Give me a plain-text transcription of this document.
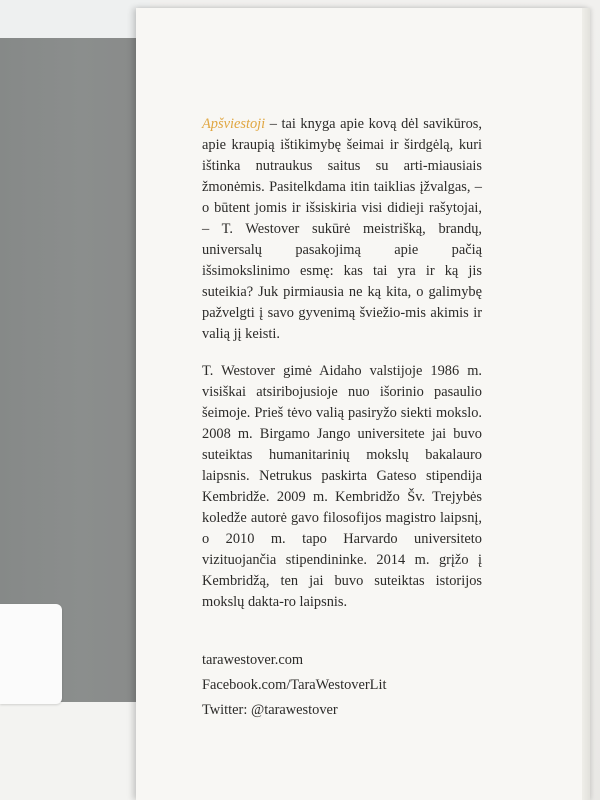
Apšviestoji – tai knyga apie kovą dėl savikūros, apie kraupią ištikimybę šeimai ir širdgėlą, kuri ištinka nutraukus saitus su arti-miausiais žmonėmis. Pasitelkdama itin taiklias įžvalgas, – o būtent jomis ir išsiskiria visi didieji rašytojai, – T. Westover sukūrė meistrišką, brandų, universalų pasakojimą apie pačią išsimokslinimo esmę: kas tai yra ir ką jis suteikia? Juk pirmiausia ne ką kita, o galimybę pažvelgti į savo gyvenimą šviežio-mis akimis ir valią jį keisti.

T. Westover gimė Aidaho valstijoje 1986 m. visiškai atsiribojusioje nuo išorinio pasaulio šeimoje. Prieš tėvo valią pasiryžo siekti mokslo. 2008 m. Birgamo Jango universitete jai buvo suteiktas humanitarinių mokslų bakalauro laipsnis. Netrukus paskirta Gateso stipendija Kembridže. 2009 m. Kembridžo Šv. Trejybės koledže autorė gavo filosofijos magistro laipsnį, o 2010 m. tapo Harvardo universiteto vizituojančia stipendininke. 2014 m. grįžo į Kembridžą, ten jai buvo suteiktas istorijos mokslų dakta-ro laipsnis.

tarawestover.com
Facebook.com/TaraWestoverLit
Twitter: @tarawestover
